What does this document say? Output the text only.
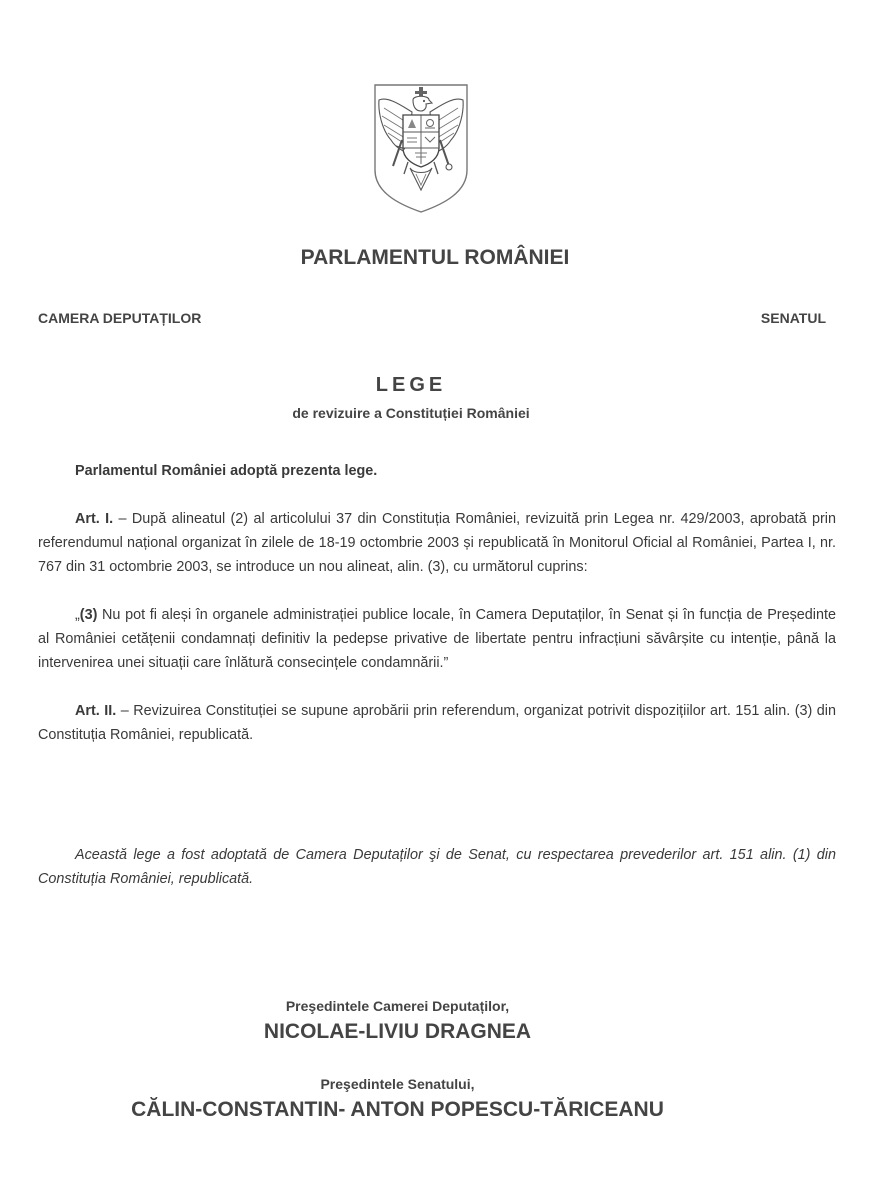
PARLAMENTUL ROMÂNIEI
CAMERA DEPUTAȚILOR	SENATUL
LEGE
de revizuire a Constituției României
Parlamentul României adoptă prezenta lege.
Art. I. – După alineatul (2) al articolului 37 din Constituția României, revizuită prin Legea nr. 429/2003, aprobată prin referendumul național organizat în zilele de 18-19 octombrie 2003 și republicată în Monitorul Oficial al României, Partea I, nr. 767 din 31 octombrie 2003, se introduce un nou alineat, alin. (3), cu următorul cuprins:
„(3) Nu pot fi aleși în organele administrației publice locale, în Camera Deputaților, în Senat și în funcția de Președinte al României cetățenii condamnați definitiv la pedepse privative de libertate pentru infracțiuni săvârșite cu intenție, până la intervenirea unei situații care înlătură consecințele condamnării.”
Art. II. – Revizuirea Constituției se supune aprobării prin referendum, organizat potrivit dispozițiilor art. 151 alin. (3) din Constituția României, republicată.
Această lege a fost adoptată de Camera Deputaților şi de Senat, cu respectarea prevederilor art. 151 alin. (1) din Constituția României, republicată.
Preşedintele Camerei Deputaților,
NICOLAE-LIVIU DRAGNEA
Preşedintele Senatului,
CĂLIN-CONSTANTIN- ANTON POPESCU-TĂRICEANU
